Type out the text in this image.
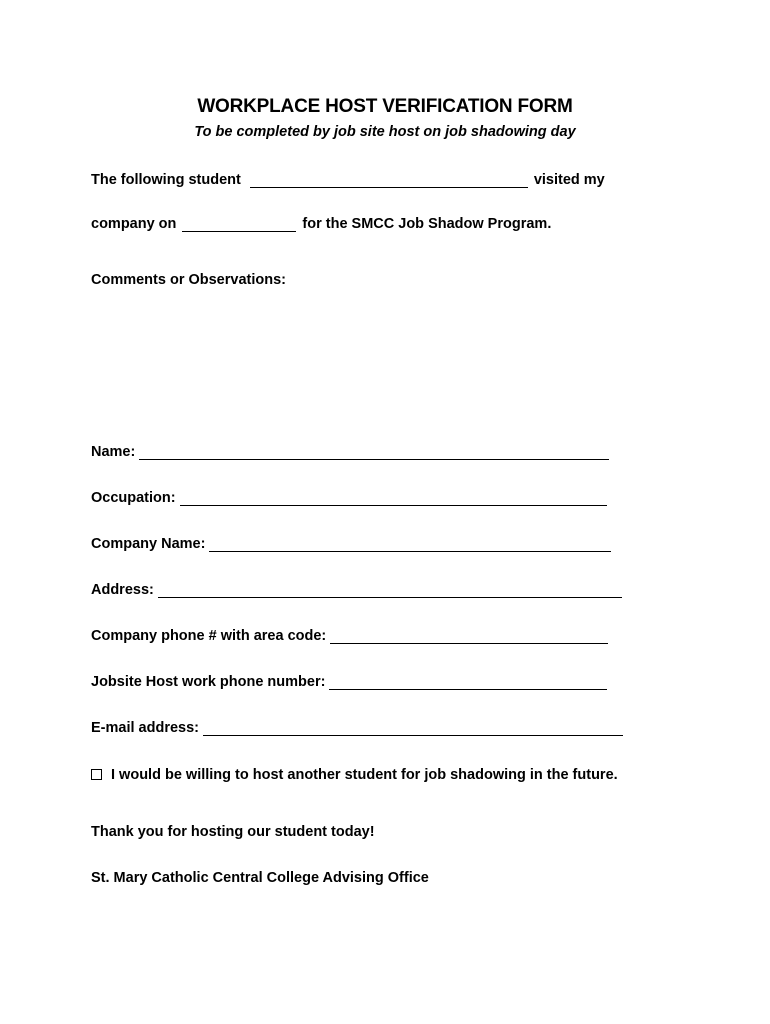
WORKPLACE HOST VERIFICATION FORM
To be completed by job site host on job shadowing day
The following student	visited my
company on	for the SMCC Job Shadow Program.
Comments or Observations:
Name:
Occupation:
Company Name:
Address:
Company phone # with area code:
Jobsite Host work phone number:
E-mail address:
I would be willing to host another student for job shadowing in the future.
Thank you for hosting our student today!
St. Mary Catholic Central College Advising Office
